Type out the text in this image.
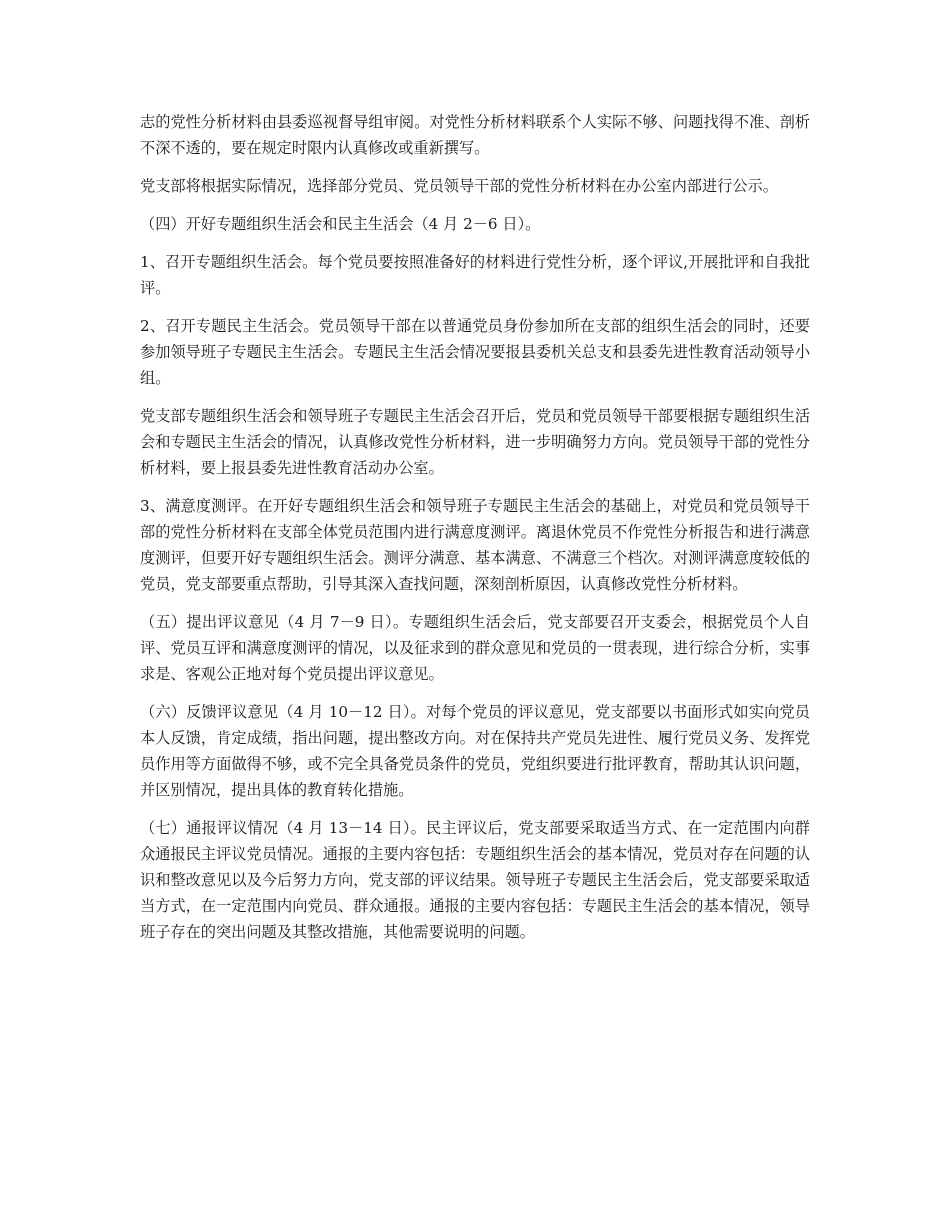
志的党性分析材料由县委巡视督导组审阅。对党性分析材料联系个人实际不够、问题找得不准、剖析不深不透的，要在规定时限内认真修改或重新撰写。

党支部将根据实际情况，选择部分党员、党员领导干部的党性分析材料在办公室内部进行公示。

（四）开好专题组织生活会和民主生活会（4 月 2－6 日）。

1、召开专题组织生活会。每个党员要按照准备好的材料进行党性分析，逐个评议,开展批评和自我批评。

2、召开专题民主生活会。党员领导干部在以普通党员身份参加所在支部的组织生活会的同时，还要参加领导班子专题民主生活会。专题民主生活会情况要报县委机关总支和县委先进性教育活动领导小组。

党支部专题组织生活会和领导班子专题民主生活会召开后，党员和党员领导干部要根据专题组织生活会和专题民主生活会的情况，认真修改党性分析材料，进一步明确努力方向。党员领导干部的党性分析材料，要上报县委先进性教育活动办公室。

3、满意度测评。在开好专题组织生活会和领导班子专题民主生活会的基础上，对党员和党员领导干部的党性分析材料在支部全体党员范围内进行满意度测评。离退休党员不作党性分析报告和进行满意度测评，但要开好专题组织生活会。测评分满意、基本满意、不满意三个档次。对测评满意度较低的党员，党支部要重点帮助，引导其深入查找问题，深刻剖析原因，认真修改党性分析材料。

（五）提出评议意见（4 月 7－9 日）。专题组织生活会后，党支部要召开支委会，根据党员个人自评、党员互评和满意度测评的情况，以及征求到的群众意见和党员的一贯表现，进行综合分析，实事求是、客观公正地对每个党员提出评议意见。

（六）反馈评议意见（4 月 10－12 日）。对每个党员的评议意见，党支部要以书面形式如实向党员本人反馈，肯定成绩，指出问题，提出整改方向。对在保持共产党员先进性、履行党员义务、发挥党员作用等方面做得不够，或不完全具备党员条件的党员，党组织要进行批评教育，帮助其认识问题，并区别情况，提出具体的教育转化措施。

（七）通报评议情况（4 月 13－14 日）。民主评议后，党支部要采取适当方式、在一定范围内向群众通报民主评议党员情况。通报的主要内容包括：专题组织生活会的基本情况，党员对存在问题的认识和整改意见以及今后努力方向，党支部的评议结果。领导班子专题民主生活会后，党支部要采取适当方式，在一定范围内向党员、群众通报。通报的主要内容包括：专题民主生活会的基本情况，领导班子存在的突出问题及其整改措施，其他需要说明的问题。
